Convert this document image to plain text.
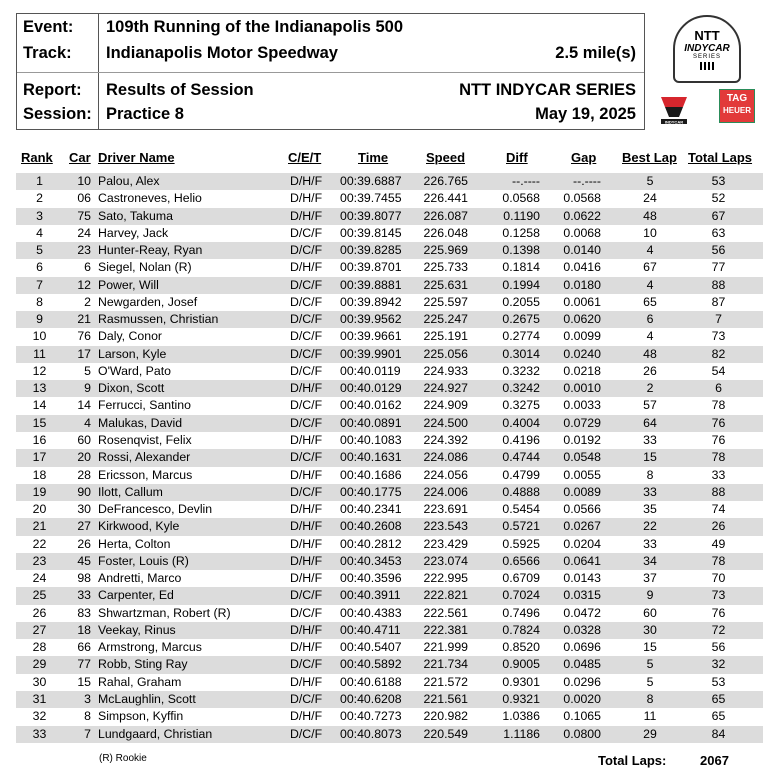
Event:	109th Running of the Indianapolis 500
Track:	Indianapolis Motor Speedway	2.5 mile(s)
Report:	Results of Session	NTT INDYCAR SERIES
Session: Practice 8	May 19, 2025
NTT
INDYCAR
SERIES
INDYCAR
TAG
HEUER
Rank Car Driver Name	C/E/T	Time	Speed	Diff	Gap Best Lap Total Laps
1	10 Palou, Alex	D/H/F 00:39.6887 226.765	--.----	--.----	5	53
2	06 Castroneves, Helio	D/H/F 00:39.7455 226.441	0.0568	0.0568	24	52
3	75 Sato, Takuma	D/H/F 00:39.8077 226.087	0.1190	0.0622	48	67
4	24 Harvey, Jack	D/C/F 00:39.8145 226.048	0.1258	0.0068	10	63
5	23 Hunter-Reay, Ryan	D/C/F 00:39.8285 225.969	0.1398	0.0140	4	56
6	6 Siegel, Nolan (R)	D/H/F 00:39.8701 225.733	0.1814	0.0416	67	77
7	12 Power, Will	D/C/F 00:39.8881 225.631	0.1994	0.0180	4	88
8	2 Newgarden, Josef	D/C/F 00:39.8942 225.597	0.2055	0.0061	65	87
9	21 Rasmussen, Christian	D/C/F 00:39.9562 225.247	0.2675	0.0620	6	7
10	76 Daly, Conor	D/C/F 00:39.9661 225.191	0.2774	0.0099	4	73
11	17 Larson, Kyle	D/C/F 00:39.9901 225.056	0.3014	0.0240	48	82
12	5 O'Ward, Pato	D/C/F 00:40.0119 224.933	0.3232	0.0218	26	54
13	9 Dixon, Scott	D/H/F 00:40.0129 224.927	0.3242	0.0010	2	6
14	14 Ferrucci, Santino	D/C/F 00:40.0162 224.909	0.3275	0.0033	57	78
15	4 Malukas, David	D/C/F 00:40.0891 224.500	0.4004	0.0729	64	76
16	60 Rosenqvist, Felix	D/H/F 00:40.1083 224.392	0.4196	0.0192	33	76
17	20 Rossi, Alexander	D/C/F 00:40.1631 224.086	0.4744	0.0548	15	78
18	28 Ericsson, Marcus	D/H/F 00:40.1686 224.056	0.4799	0.0055	8	33
19	90 Ilott, Callum	D/C/F 00:40.1775 224.006	0.4888	0.0089	33	88
20	30 DeFrancesco, Devlin	D/H/F 00:40.2341 223.691	0.5454	0.0566	35	74
21	27 Kirkwood, Kyle	D/H/F 00:40.2608 223.543	0.5721	0.0267	22	26
22	26 Herta, Colton	D/H/F 00:40.2812 223.429	0.5925	0.0204	33	49
23	45 Foster, Louis (R)	D/H/F 00:40.3453 223.074	0.6566	0.0641	34	78
24	98 Andretti, Marco	D/H/F 00:40.3596 222.995	0.6709	0.0143	37	70
25	33 Carpenter, Ed	D/C/F 00:40.3911 222.821	0.7024	0.0315	9	73
26	83 Shwartzman, Robert (R)	D/C/F 00:40.4383 222.561	0.7496	0.0472	60	76
27	18 Veekay, Rinus	D/H/F 00:40.4711 222.381	0.7824	0.0328	30	72
28	66 Armstrong, Marcus	D/H/F 00:40.5407 221.999	0.8520	0.0696	15	56
29	77 Robb, Sting Ray	D/C/F 00:40.5892 221.734	0.9005	0.0485	5	32
30	15 Rahal, Graham	D/H/F 00:40.6188 221.572	0.9301	0.0296	5	53
31	3 McLaughlin, Scott	D/C/F 00:40.6208 221.561	0.9321	0.0020	8	65
32	8 Simpson, Kyffin	D/H/F 00:40.7273 220.982	1.0386	0.1065	11	65
33	7 Lundgaard, Christian	D/C/F 00:40.8073 220.549	1.1186	0.0800	29	84
(R) Rookie	Total Laps:	2067
